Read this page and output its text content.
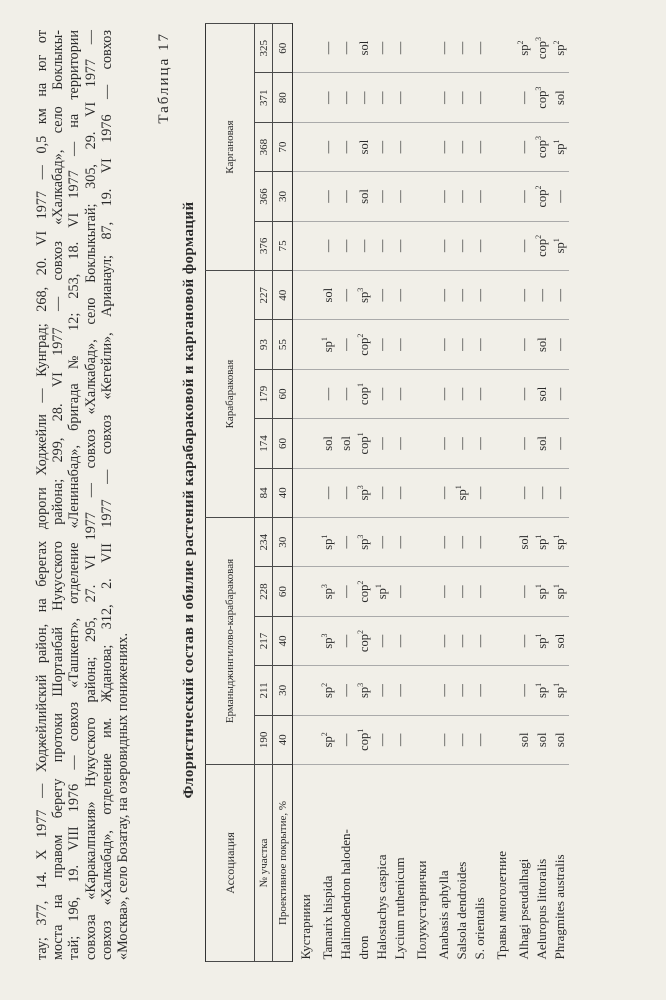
тау; 377, 14. X 1977 — Ходжейлийский район, на берегах дороги Ходжейли — Кунград; 268, 20. VI 1977 — 0,5 км на юг от моста на правом берегу протоки Шортанбай Нукусского района; 299, 28. VI 1977 — совхоз «Халкабад», село Боклыкы- тай; 196, 19. VIII 1976 — совхоз «Ташкент», отделение «Ленинабад», бригада № 12; 253, 18. VI 1977 — на территории совхоза «Каракалпакия» Нукусского района; 295, 27. VI 1977 — совхоз «Халкабад», село Боклыкытай; 305, 29. VI 1977 — совхоз «Халкабад», отделение им. Жданова; 312, 2. VII 1977 — совхоз «Кегейли», Арианаул; 87, 19. VI 1976 — совхоз «Москва», село Бозатау, на озеровидных понижениях.

Таблица 17
Флористический состав и обилие растений карабараковой и каргановой формаций
Ассоциация	Ерманыджингилово-карабараковая					Карабараковая					Каргановая				
№ участка	190	211	217	228	234	84	174	179	93	227	376	366	368	371	325
Проективное покрытие, %	40	30	40	60	30	40	60	60	55	40	75	30	70	80	60
Кустарники															
Tamarix hispida	$sp^2$	$sp^2$	$sp^3$	$sp^3$	$sp^1$	—	sol	—	$sp^1$	sol	—	—	—	—	—
Halimodendron haloden-	—	—	—	—	—	—	sol	—	—	—	—	—	—	—	—
dron	cop$^1$	$sp^3$	cop$^2$	cop$^2$	$sp^3$	$sp^3$	cop$^1$	cop$^1$	cop$^2$	$sp^3$	—	sol	sol	—	sol
Halostachys caspica	—	—	—	$sp^1$	—	—	—	—	—	—	—	—	—	—	—
Lycium ruthenicum	—	—	—	—	—	—	—	—	—	—	—	—	—	—	—
Полукустарнички															
Anabasis aphylla	—	—	—	—	—	—	—	—	—	—	—	—	—	—	—
Salsola dendroides	—	—	—	—	—	$sp^1$	—	—	—	—	—	—	—	—	—
S. orientalis	—	—	—	—	—	—	—	—	—	—	—	—	—	—	—
Травы многолетние															
Alhagi pseudalhagi	sol	—	—	—	sol	—	—	—	—	—	—	—	—	—	$sp^2$
Aeluropus littoralis	sol	$sp^1$	$sp^1$	$sp^1$	$sp^1$	—	sol	sol	sol	—	cop$^2$	cop$^2$	cop$^3$	cop$^3$	cop$^3$
Phragmites australis	sol	$sp^1$	sol	$sp^1$	$sp^1$	—	—	—	—	—	$sp^1$	—	$sp^1$	sol	$sp^2$
